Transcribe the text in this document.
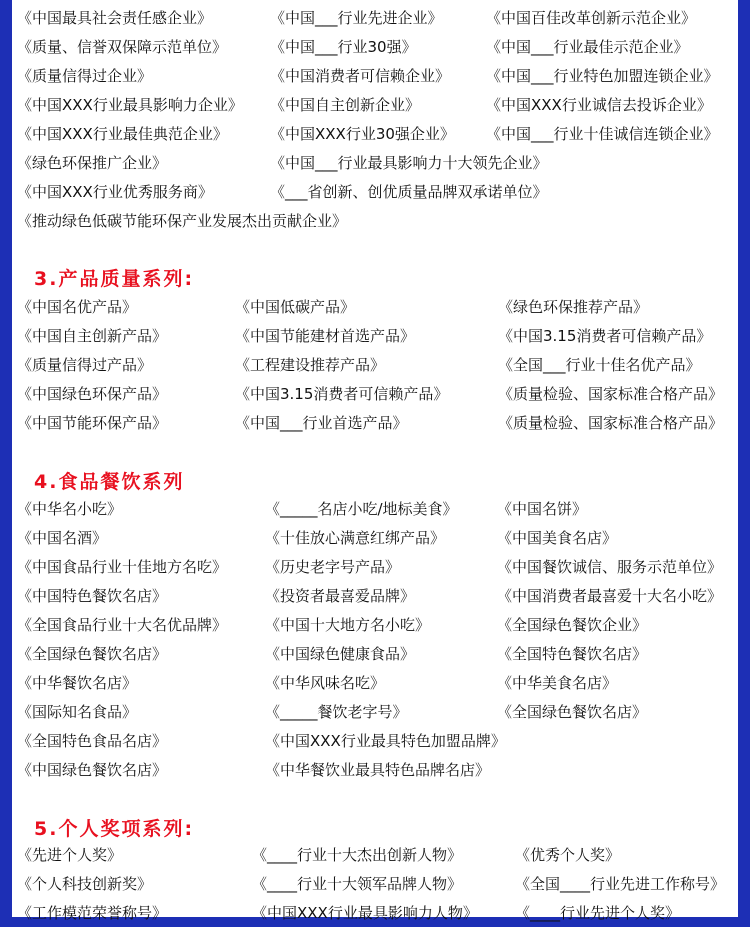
《中国最具社会责任感企业》	《中国___行业先进企业》	《中国百佳改革创新示范企业》
《质量、信誉双保障示范单位》	《中国___行业30强》	《中国___行业最佳示范企业》
《质量信得过企业》	《中国消费者可信赖企业》	《中国___行业特色加盟连锁企业》
《中国XXX行业最具影响力企业》	《中国自主创新企业》	《中国XXX行业诚信去投诉企业》
《中国XXX行业最佳典范企业》	《中国XXX行业30强企业》	《中国___行业十佳诚信连锁企业》
《绿色环保推广企业》	《中国___行业最具影响力十大领先企业》
《中国XXX行业优秀服务商》	《___省创新、创优质量品牌双承诺单位》
《推动绿色低碳节能环保产业发展杰出贡献企业》
3.产品质量系列:
《中国名优产品》	《中国低碳产品》	《绿色环保推荐产品》
《中国自主创新产品》	《中国节能建材首选产品》	《中国3.15消费者可信赖产品》
《质量信得过产品》	《工程建设推荐产品》	《全国___行业十佳名优产品》
《中国绿色环保产品》	《中国3.15消费者可信赖产品》	《质量检验、国家标准合格产品》
《中国节能环保产品》	《中国___行业首选产品》	《质量检验、国家标准合格产品》
4.食品餐饮系列
《中华名小吃》	《_____名店小吃/地标美食》	《中国名饼》
《中国名酒》	《十佳放心满意红绑产品》	《中国美食名店》
《中国食品行业十佳地方名吃》	《历史老字号产品》	《中国餐饮诚信、服务示范单位》
《中国特色餐饮名店》	《投资者最喜爱品牌》	《中国消费者最喜爱十大名小吃》
《全国食品行业十大名优品牌》	《中国十大地方名小吃》	《全国绿色餐饮企业》
《全国绿色餐饮名店》	《中国绿色健康食品》	《全国特色餐饮名店》
《中华餐饮名店》	《中华风味名吃》	《中华美食名店》
《国际知名食品》	《_____餐饮老字号》	《全国绿色餐饮名店》
《全国特色食品名店》	《中国XXX行业最具特色加盟品牌》
《中国绿色餐饮名店》	《中华餐饮业最具特色品牌名店》
5.个人奖项系列:
《先进个人奖》	《____行业十大杰出创新人物》	《优秀个人奖》
《个人科技创新奖》	《____行业十大领军品牌人物》	《全国____行业先进工作称号》
《工作模范荣誉称号》	《中国XXX行业最具影响力人物》	《____行业先进个人奖》
